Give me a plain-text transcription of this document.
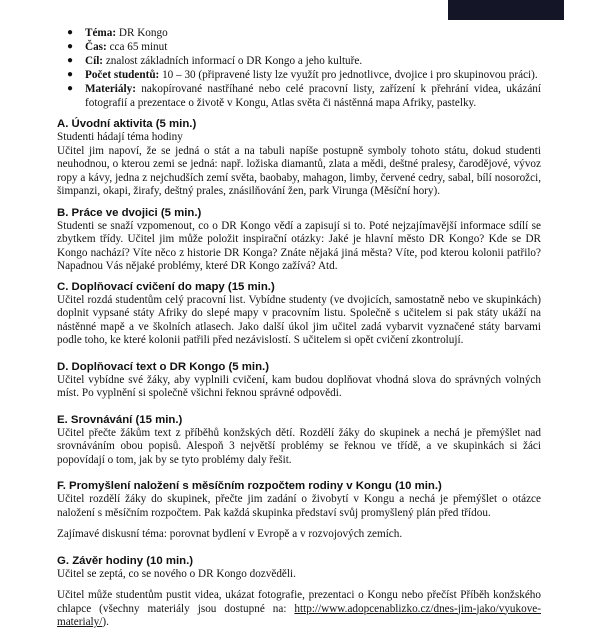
● Téma: DR Kongo
● Čas: cca 65 minut
● Cíl: znalost základních informací o DR Kongo a jeho kultuře.
● Počet studentů: 10 – 30 (připravené listy lze využít pro jednotlivce, dvojice i pro skupinovou práci).
● Materiály: nakopírované nastříhané nebo celé pracovní listy, zařízení k přehrání videa, ukázání fotografií a prezentace o životě v Kongu, Atlas světa či nástěnná mapa Afriky, pastelky.
A. Úvodní aktivita (5 min.)

Studenti hádají téma hodiny

Učitel jim napoví, že se jedná o stát a na tabuli napíše postupně symboly tohoto státu, dokud studenti neuhodnou, o kterou zemi se jedná: např. ložiska diamantů, zlata a mědi, deštné pralesy, čarodějové, vývoz ropy a kávy, jedna z nejchudších zemí světa, baobaby, mahagon, limby, červené cedry, sabal, bílí nosorožci, šimpanzi, okapi, žirafy, deštný prales, znásilňování žen, park Virunga (Měsíční hory).

B. Práce ve dvojici (5 min.)

Studenti se snaží vzpomenout, co o DR Kongo vědí a zapisují si to. Poté nejzajímavější informace sdílí se zbytkem třídy. Učitel jim může položit inspirační otázky: Jaké je hlavní město DR Kongo? Kde se DR Kongo nachází? Víte něco z historie DR Konga? Znáte nějaká jiná města? Víte, pod kterou kolonii patřilo? Napadnou Vás nějaké problémy, které DR Kongo zažívá? Atd.

C. Doplňovací cvičení do mapy (15 min.)

Učitel rozdá studentům celý pracovní list. Vybídne studenty (ve dvojicích, samostatně nebo ve skupinkách) doplnit vypsané státy Afriky do slepé mapy v pracovním listu. Společně s učitelem si pak státy ukáží na nástěnné mapě a ve školních atlasech. Jako další úkol jim učitel zadá vybarvit vyznačené státy barvami podle toho, ke které kolonii patřili před nezávislostí. S učitelem si opět cvičení zkontrolují.

D. Doplňovací text o DR Kongo (5 min.)

Učitel vybídne své žáky, aby vyplnili cvičení, kam budou doplňovat vhodná slova do správných volných míst. Po vyplnění si společně všichni řeknou správné odpovědi.

E. Srovnávání (15 min.)

Učitel přečte žákům text z příběhů konžských dětí. Rozdělí žáky do skupinek a nechá je přemýšlet nad srovnáváním obou popisů. Alespoň 3 největší problémy se řeknou ve třídě, a ve skupinkách si žáci popovídají o tom, jak by se tyto problémy daly řešit.

F. Promyšlení naložení s měsíčním rozpočtem rodiny v Kongu (10 min.)

Učitel rozdělí žáky do skupinek, přečte jim zadání o živobytí v Kongu a nechá je přemýšlet o otázce naložení s měsíčním rozpočtem. Pak každá skupinka představí svůj promyšlený plán před třídou.

Zajímavé diskusní téma: porovnat bydlení v Evropě a v rozvojových zemích.

G. Závěr hodiny (10 min.)

Učitel se zeptá, co se nového o DR Kongo dozvěděli.

Učitel může studentům pustit videa, ukázat fotografie, prezentaci o Kongu nebo přečíst Příběh konžského chlapce (všechny materiály jsou dostupné na: http://www.adopcenablizko.cz/dnes-jim-jako/vyukove-materialy/).
